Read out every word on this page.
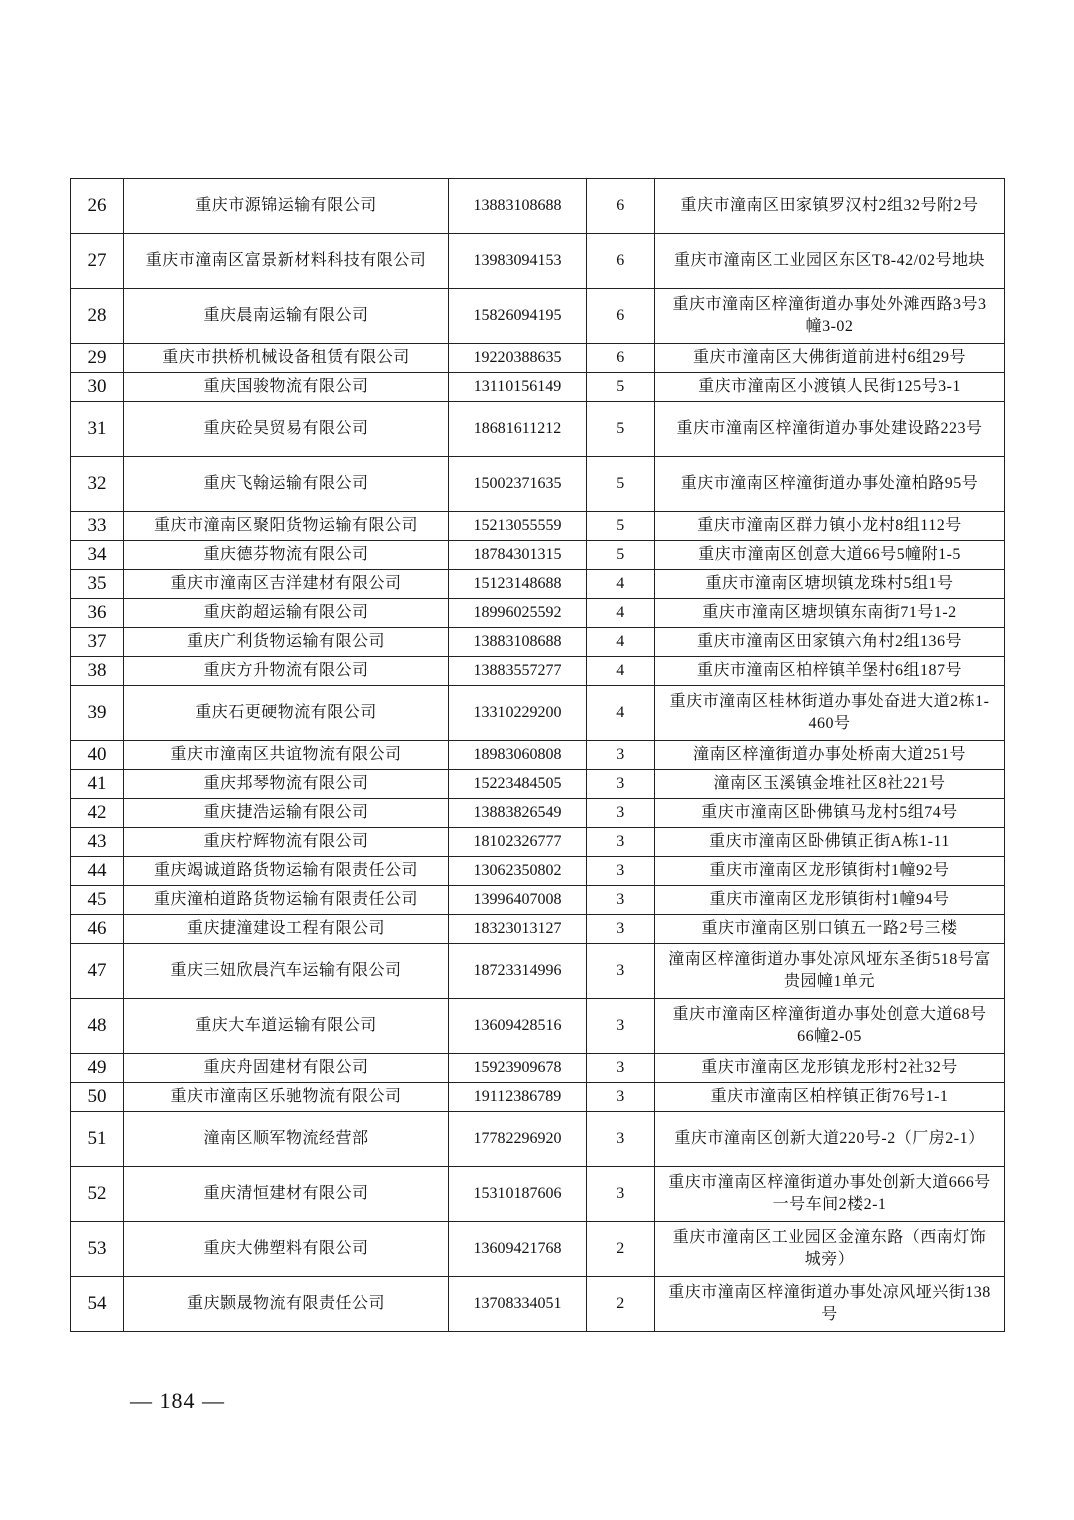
26	重庆市源锦运输有限公司	13883108688	6	重庆市潼南区田家镇罗汉村2组32号附2号
27	重庆市潼南区富景新材料科技有限公司	13983094153	6	重庆市潼南区工业园区东区T8-42/02号地块
28	重庆晨南运输有限公司	15826094195	6	重庆市潼南区梓潼街道办事处外滩西路3号3幢3-02
29	重庆市拱桥机械设备租赁有限公司	19220388635	6	重庆市潼南区大佛街道前进村6组29号
30	重庆国骏物流有限公司	13110156149	5	重庆市潼南区小渡镇人民街125号3-1
31	重庆砼昊贸易有限公司	18681611212	5	重庆市潼南区梓潼街道办事处建设路223号
32	重庆飞翰运输有限公司	15002371635	5	重庆市潼南区梓潼街道办事处潼柏路95号
33	重庆市潼南区聚阳货物运输有限公司	15213055559	5	重庆市潼南区群力镇小龙村8组112号
34	重庆德芬物流有限公司	18784301315	5	重庆市潼南区创意大道66号5幢附1-5
35	重庆市潼南区吉洋建材有限公司	15123148688	4	重庆市潼南区塘坝镇龙珠村5组1号
36	重庆韵超运输有限公司	18996025592	4	重庆市潼南区塘坝镇东南街71号1-2
37	重庆广利货物运输有限公司	13883108688	4	重庆市潼南区田家镇六角村2组136号
38	重庆方升物流有限公司	13883557277	4	重庆市潼南区柏梓镇羊堡村6组187号
39	重庆石更硬物流有限公司	13310229200	4	重庆市潼南区桂林街道办事处奋进大道2栋1-460号
40	重庆市潼南区共谊物流有限公司	18983060808	3	潼南区梓潼街道办事处桥南大道251号
41	重庆邦琴物流有限公司	15223484505	3	潼南区玉溪镇金堆社区8社221号
42	重庆捷浩运输有限公司	13883826549	3	重庆市潼南区卧佛镇马龙村5组74号
43	重庆柠辉物流有限公司	18102326777	3	重庆市潼南区卧佛镇正街A栋1-11
44	重庆竭诚道路货物运输有限责任公司	13062350802	3	重庆市潼南区龙形镇街村1幢92号
45	重庆潼柏道路货物运输有限责任公司	13996407008	3	重庆市潼南区龙形镇街村1幢94号
46	重庆捷潼建设工程有限公司	18323013127	3	重庆市潼南区别口镇五一路2号三楼
47	重庆三妞欣晨汽车运输有限公司	18723314996	3	潼南区梓潼街道办事处凉风垭东圣街518号富贵园幢1单元
48	重庆大车道运输有限公司	13609428516	3	重庆市潼南区梓潼街道办事处创意大道68号66幢2-05
49	重庆舟固建材有限公司	15923909678	3	重庆市潼南区龙形镇龙形村2社32号
50	重庆市潼南区乐驰物流有限公司	19112386789	3	重庆市潼南区柏梓镇正街76号1-1
51	潼南区顺军物流经营部	17782296920	3	重庆市潼南区创新大道220号-2（厂房2-1）
52	重庆清恒建材有限公司	15310187606	3	重庆市潼南区梓潼街道办事处创新大道666号一号车间2楼2-1
53	重庆大佛塑料有限公司	13609421768	2	重庆市潼南区工业园区金潼东路（西南灯饰城旁）
54	重庆颢晟物流有限责任公司	13708334051	2	重庆市潼南区梓潼街道办事处凉风垭兴街138号
— 184 —
